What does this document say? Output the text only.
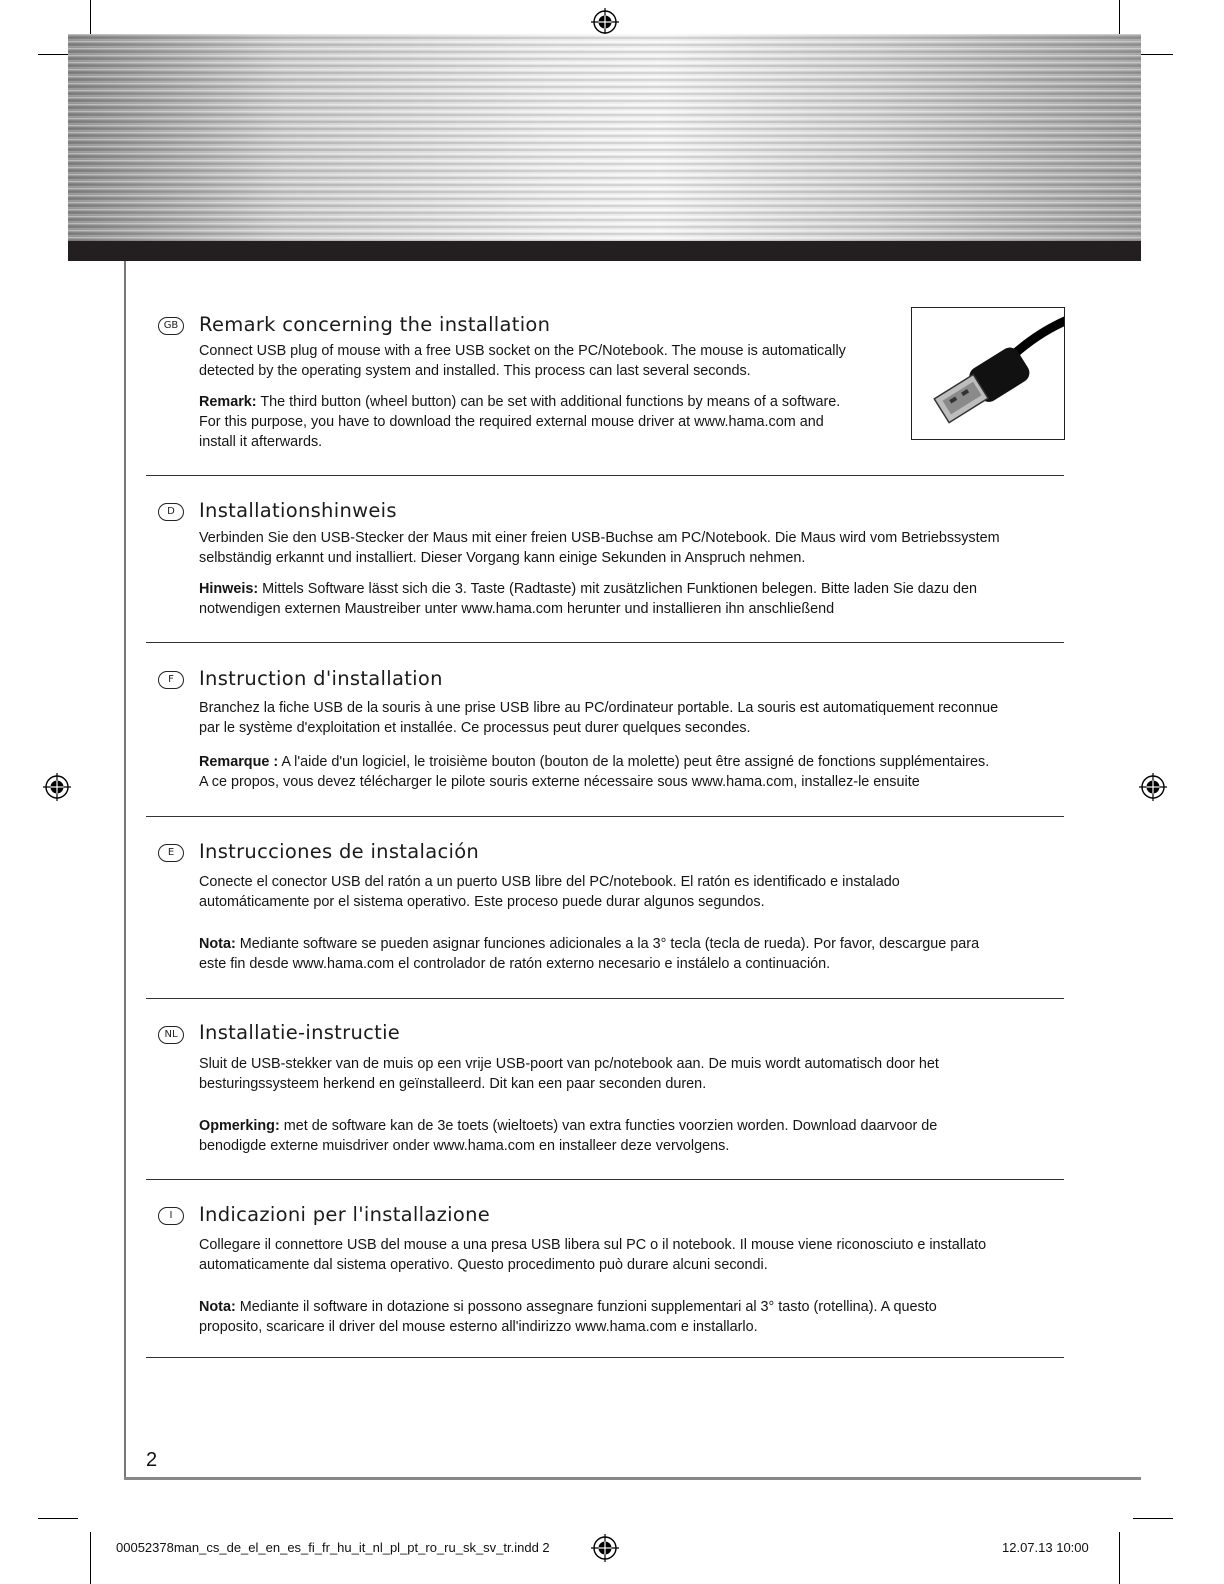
GB Remark concerning the installation

Connect USB plug of mouse with a free USB socket on the PC/Notebook. The mouse is automatically
detected by the operating system and installed. This process can last several seconds.

Remark: The third button (wheel button) can be set with additional functions by means of a software.
For this purpose, you have to download the required external mouse driver at www.hama.com and
install it afterwards.

D	Installationshinweis

Verbinden Sie den USB-Stecker der Maus mit einer freien USB-Buchse am PC/Notebook. Die Maus wird vom Betriebssystem
selbständig erkannt und installiert. Dieser Vorgang kann einige Sekunden in Anspruch nehmen.

Hinweis: Mittels Software lässt sich die 3. Taste (Radtaste) mit zusätzlichen Funktionen belegen. Bitte laden Sie dazu den
notwendigen externen Maustreiber unter www.hama.com herunter und installieren ihn anschließend

F	Instruction d'installation

Branchez la fiche USB de la souris à une prise USB libre au PC/ordinateur portable. La souris est automatiquement reconnue
par le système d'exploitation et installée. Ce processus peut durer quelques secondes.

Remarque : A l'aide d'un logiciel, le troisième bouton (bouton de la molette) peut être assigné de fonctions supplémentaires.
A ce propos, vous devez télécharger le pilote souris externe nécessaire sous www.hama.com, installez-le ensuite

E	Instrucciones de instalación

Conecte el conector USB del ratón a un puerto USB libre del PC/notebook. El ratón es identificado e instalado
automáticamente por el sistema operativo. Este proceso puede durar algunos segundos.

Nota: Mediante software se pueden asignar funciones adicionales a la 3° tecla (tecla de rueda). Por favor, descargue para
este fin desde www.hama.com el controlador de ratón externo necesario e instálelo a continuación.

NL	Installatie-instructie

Sluit de USB-stekker van de muis op een vrije USB-poort van pc/notebook aan. De muis wordt automatisch door het
besturingssysteem herkend en geïnstalleerd. Dit kan een paar seconden duren.

Opmerking: met de software kan de 3e toets (wieltoets) van extra functies voorzien worden. Download daarvoor de
benodigde externe muisdriver onder www.hama.com en installeer deze vervolgens.

I	Indicazioni per l'installazione

Collegare il connettore USB del mouse a una presa USB libera sul PC o il notebook. Il mouse viene riconosciuto e installato
automaticamente dal sistema operativo. Questo procedimento può durare alcuni secondi.

Nota: Mediante il software in dotazione si possono assegnare funzioni supplementari al 3° tasto (rotellina). A questo
proposito, scaricare il driver del mouse esterno all'indirizzo www.hama.com e installarlo.

2
00052378man_cs_de_el_en_es_fi_fr_hu_it_nl_pl_pt_ro_ru_sk_sv_tr.indd 2	12.07.13 10:00
